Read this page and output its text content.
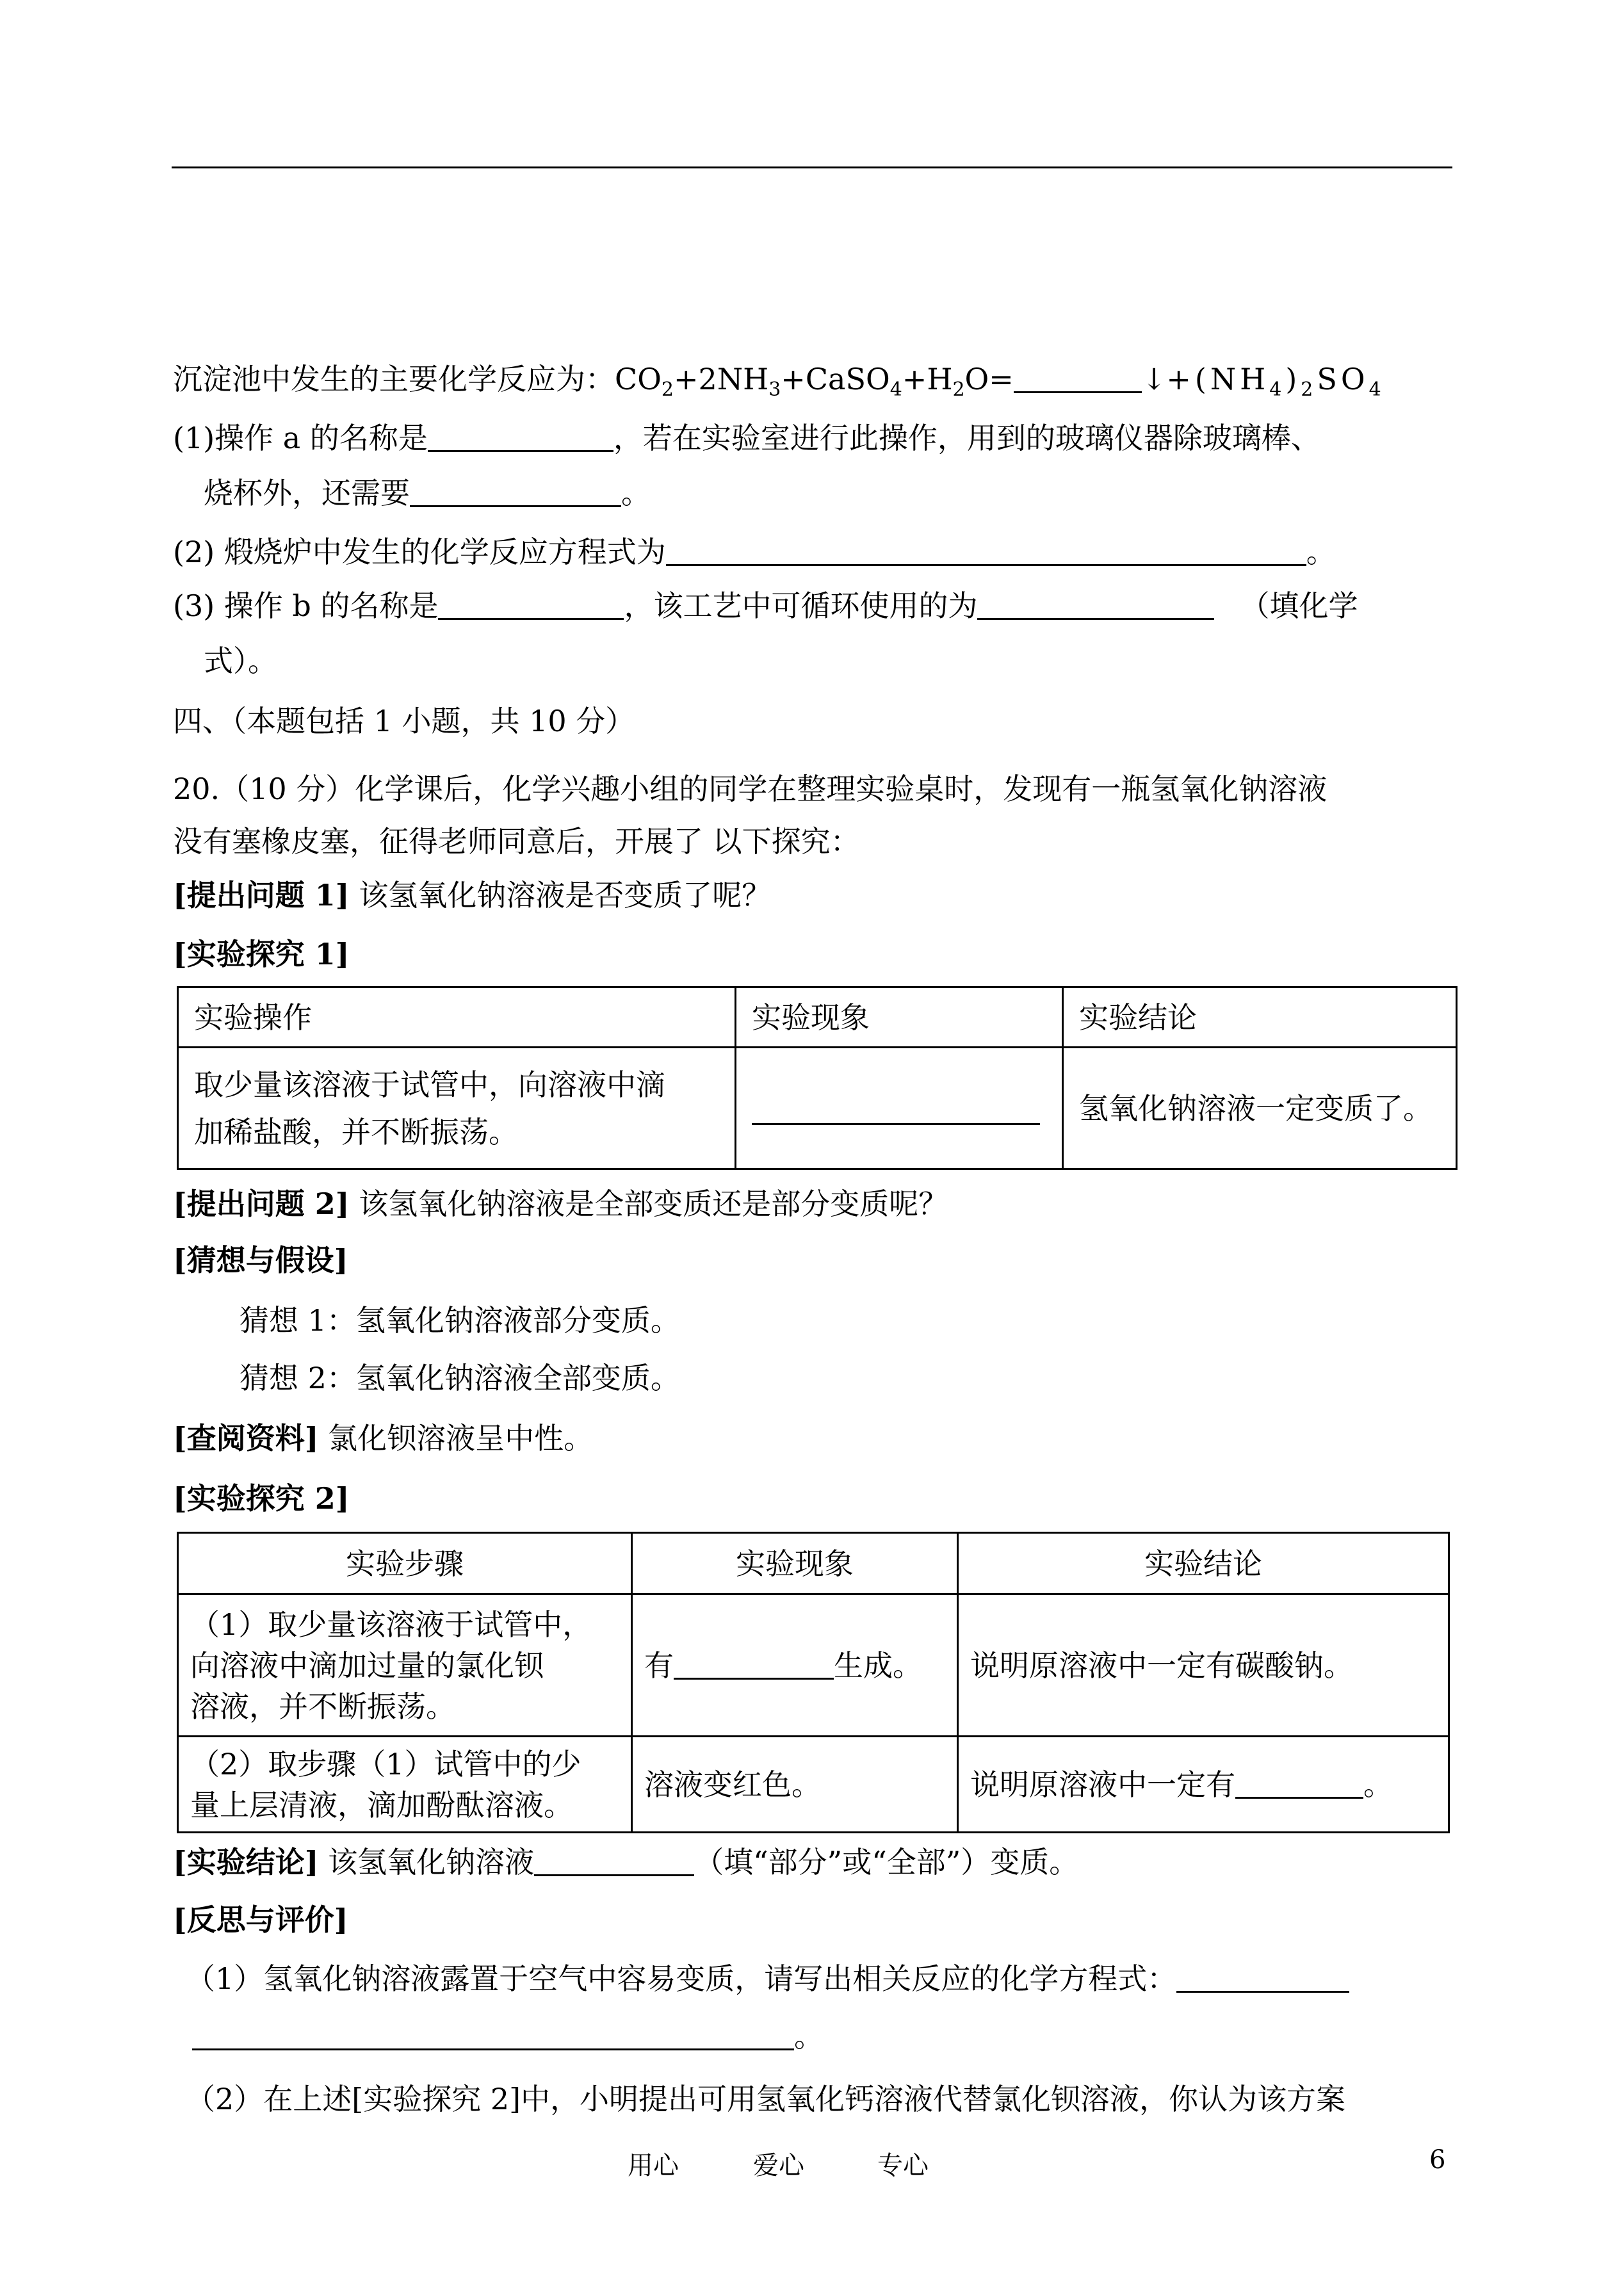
沉淀池中发生的主要化学反应为：$CO_2+2NH_3+CaSO_4+H_2O=$	$↓+(NH_4)_2SO_4$
(1)操作 a 的名称是	，若在实验室进行此操作，用到的玻璃仪器除玻璃棒、
烧杯外，还需要	。
(2) 煅烧炉中发生的化学反应方程式为	。
(3) 操作 b 的名称是	，该工艺中可循环使用的为	（填化学
式）。
四、（本题包括 1 小题，共 10 分）
20.（10 分）化学课后，化学兴趣小组的同学在整理实验桌时，发现有一瓶氢氧化钠溶液
没有塞橡皮塞，征得老师同意后，开展了 以下探究：
[提出问题 1] 该氢氧化钠溶液是否变质了呢？
[实验探究 1]
实验操作	实验现象	实验结论

取少量该溶液于试管中，向溶液中滴
加稀盐酸，并不断振荡。		氢氧化钠溶液一定变质了。
[提出问题 2] 该氢氧化钠溶液是全部变质还是部分变质呢？
[猜想与假设]
猜想 1：氢氧化钠溶液部分变质。
猜想 2：氢氧化钠溶液全部变质。
[查阅资料] 氯化钡溶液呈中性。
[实验探究 2]
实验步骤	实验现象	实验结论

（1）取少量该溶液于试管中，
向溶液中滴加过量的氯化钡
溶液，并不断振荡。	有 生成。	说明原溶液中一定有碳酸钠。

（2）取步骤（1）试管中的少
量上层清液，滴加酚酞溶液。	溶液变红色。	说明原溶液中一定有 。
[实验结论] 该氢氧化钠溶液	（填“部分”或“全部”）变质。
[反思与评价]
（1）氢氧化钠溶液露置于空气中容易变质，请写出相关反应的化学方程式：
。
（2）在上述[实验探究 2]中，小明提出可用氢氧化钙溶液代替氯化钡溶液，你认为该方案
用心	爱心	专心	6
